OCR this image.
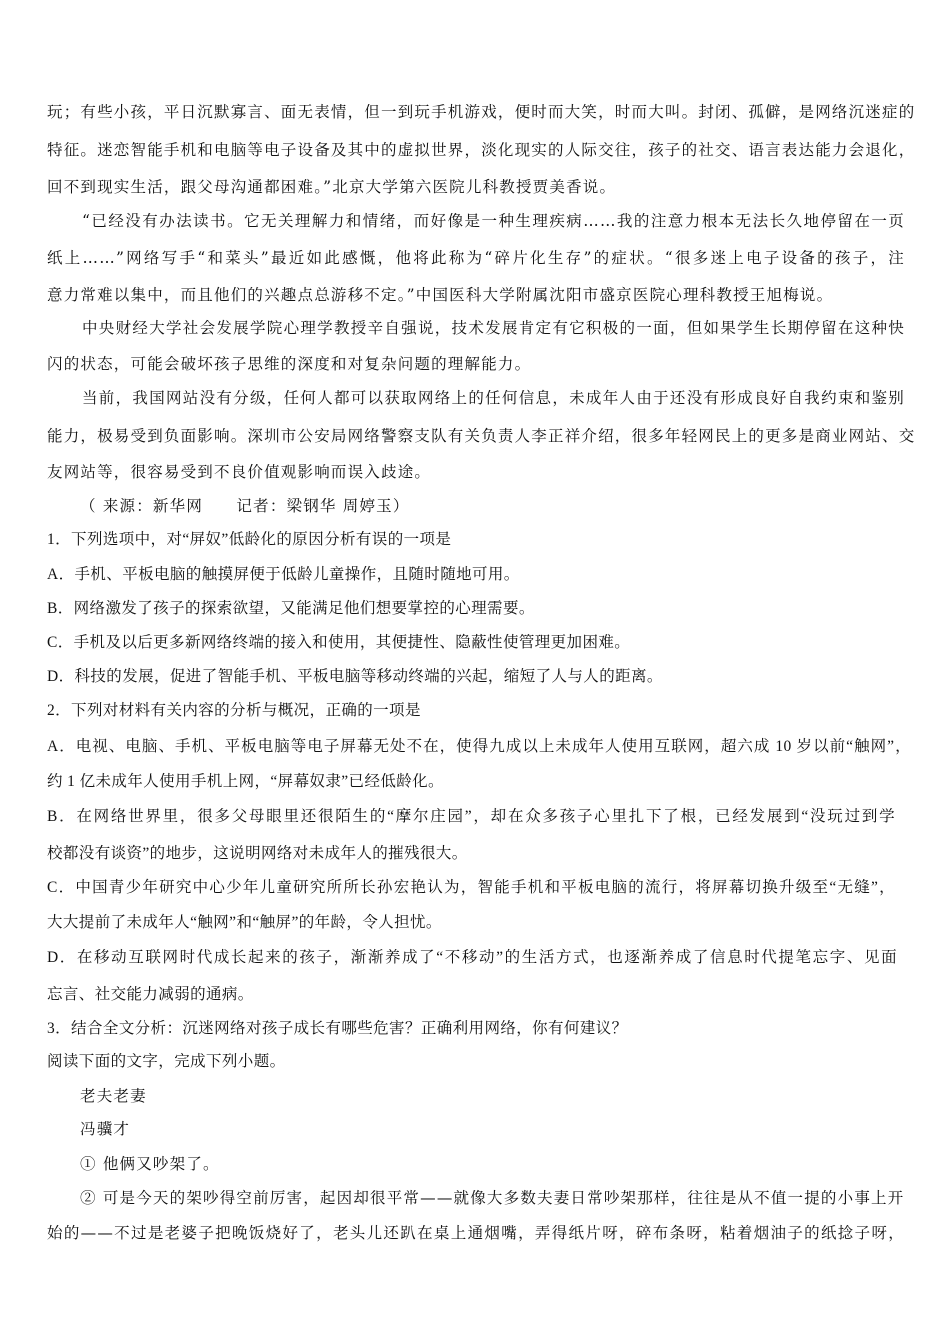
玩；有些小孩，平日沉默寡言、面无表情，但一到玩手机游戏，便时而大笑，时而大叫。封闭、孤僻，是网络沉迷症的
特征。迷恋智能手机和电脑等电子设备及其中的虚拟世界，淡化现实的人际交往，孩子的社交、语言表达能力会退化，
回不到现实生活，跟父母沟通都困难。”北京大学第六医院儿科教授贾美香说。
“已经没有办法读书。它无关理解力和情绪，而好像是一种生理疾病……我的注意力根本无法长久地停留在一页
纸上……”网络写手“和菜头”最近如此感慨，他将此称为“碎片化生存”的症状。“很多迷上电子设备的孩子，注
意力常难以集中，而且他们的兴趣点总游移不定。”中国医科大学附属沈阳市盛京医院心理科教授王旭梅说。
中央财经大学社会发展学院心理学教授辛自强说，技术发展肯定有它积极的一面，但如果学生长期停留在这种快
闪的状态，可能会破坏孩子思维的深度和对复杂问题的理解能力。
当前，我国网站没有分级，任何人都可以获取网络上的任何信息，未成年人由于还没有形成良好自我约束和鉴别
能力，极易受到负面影响。深圳市公安局网络警察支队有关负责人李正祥介绍，很多年轻网民上的更多是商业网站、交
友网站等，很容易受到不良价值观影响而误入歧途。
（ 来源：新华网　　记者：梁钢华 周婷玉）
1．下列选项中，对“屏奴”低龄化的原因分析有误的一项是
A．手机、平板电脑的触摸屏便于低龄儿童操作，且随时随地可用。
B．网络激发了孩子的探索欲望，又能满足他们想要掌控的心理需要。
C．手机及以后更多新网络终端的接入和使用，其便捷性、隐蔽性使管理更加困难。
D．科技的发展，促进了智能手机、平板电脑等移动终端的兴起，缩短了人与人的距离。
2．下列对材料有关内容的分析与概况，正确的一项是
A．电视、电脑、手机、平板电脑等电子屏幕无处不在，使得九成以上未成年人使用互联网，超六成 10 岁以前“触网”，
约 1 亿未成年人使用手机上网，“屏幕奴隶”已经低龄化。
B．在网络世界里，很多父母眼里还很陌生的“摩尔庄园”，却在众多孩子心里扎下了根，已经发展到“没玩过到学
校都没有谈资”的地步，这说明网络对未成年人的摧残很大。
C．中国青少年研究中心少年儿童研究所所长孙宏艳认为，智能手机和平板电脑的流行，将屏幕切换升级至“无缝”，
大大提前了未成年人“触网”和“触屏”的年龄，令人担忧。
D．在移动互联网时代成长起来的孩子，渐渐养成了“不移动”的生活方式，也逐渐养成了信息时代提笔忘字、见面
忘言、社交能力减弱的通病。
3．结合全文分析：沉迷网络对孩子成长有哪些危害？正确利用网络，你有何建议？
阅读下面的文字，完成下列小题。
老夫老妻
冯骥才
① 他俩又吵架了。
② 可是今天的架吵得空前厉害，起因却很平常——就像大多数夫妻日常吵架那样，往往是从不值一提的小事上开
始的——不过是老婆子把晚饭烧好了，老头儿还趴在桌上通烟嘴，弄得纸片呀，碎布条呀，粘着烟油子的纸捻子呀，
